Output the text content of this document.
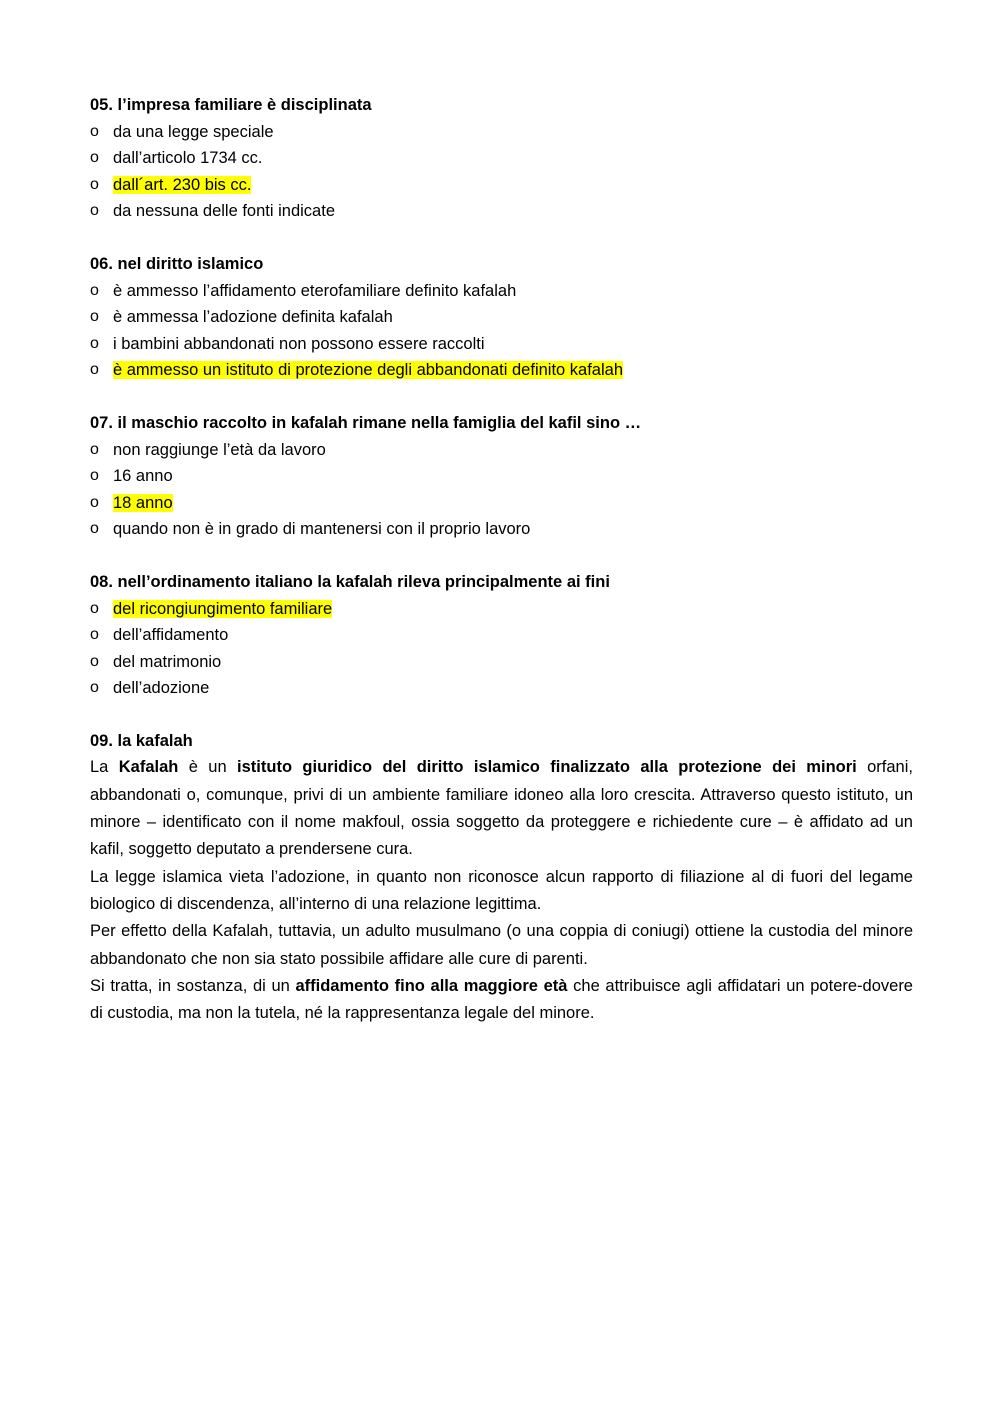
05. l’impresa familiare è disciplinata
o da una legge speciale
o dall’articolo 1734 cc.
o dall´art. 230 bis cc.
o da nessuna delle fonti indicate
06. nel diritto islamico
o è ammesso l’affidamento eterofamiliare definito kafalah
o è ammessa l’adozione definita kafalah
o i bambini abbandonati non possono essere raccolti
o è ammesso un istituto di protezione degli abbandonati definito kafalah
07. il maschio raccolto in kafalah rimane nella famiglia del kafil sino …
o non raggiunge l’età da lavoro
o 16 anno
o 18 anno
o quando non è in grado di mantenersi con il proprio lavoro
08. nell’ordinamento italiano la kafalah rileva principalmente ai fini
o del ricongiungimento familiare
o dell’affidamento
o del matrimonio
o dell’adozione
09. la kafalah

La Kafalah è un istituto giuridico del diritto islamico finalizzato alla protezione dei minori orfani, abbandonati o, comunque, privi di un ambiente familiare idoneo alla loro crescita. Attraverso questo istituto, un minore – identificato con il nome makfoul, ossia soggetto da proteggere e richiedente cure – è affidato ad un kafil, soggetto deputato a prendersene cura.

La legge islamica vieta l’adozione, in quanto non riconosce alcun rapporto di filiazione al di fuori del legame biologico di discendenza, all’interno di una relazione legittima.

Per effetto della Kafalah, tuttavia, un adulto musulmano (o una coppia di coniugi) ottiene la custodia del minore abbandonato che non sia stato possibile affidare alle cure di parenti.

Si tratta, in sostanza, di un affidamento fino alla maggiore età che attribuisce agli affidatari un potere-dovere di custodia, ma non la tutela, né la rappresentanza legale del minore.
